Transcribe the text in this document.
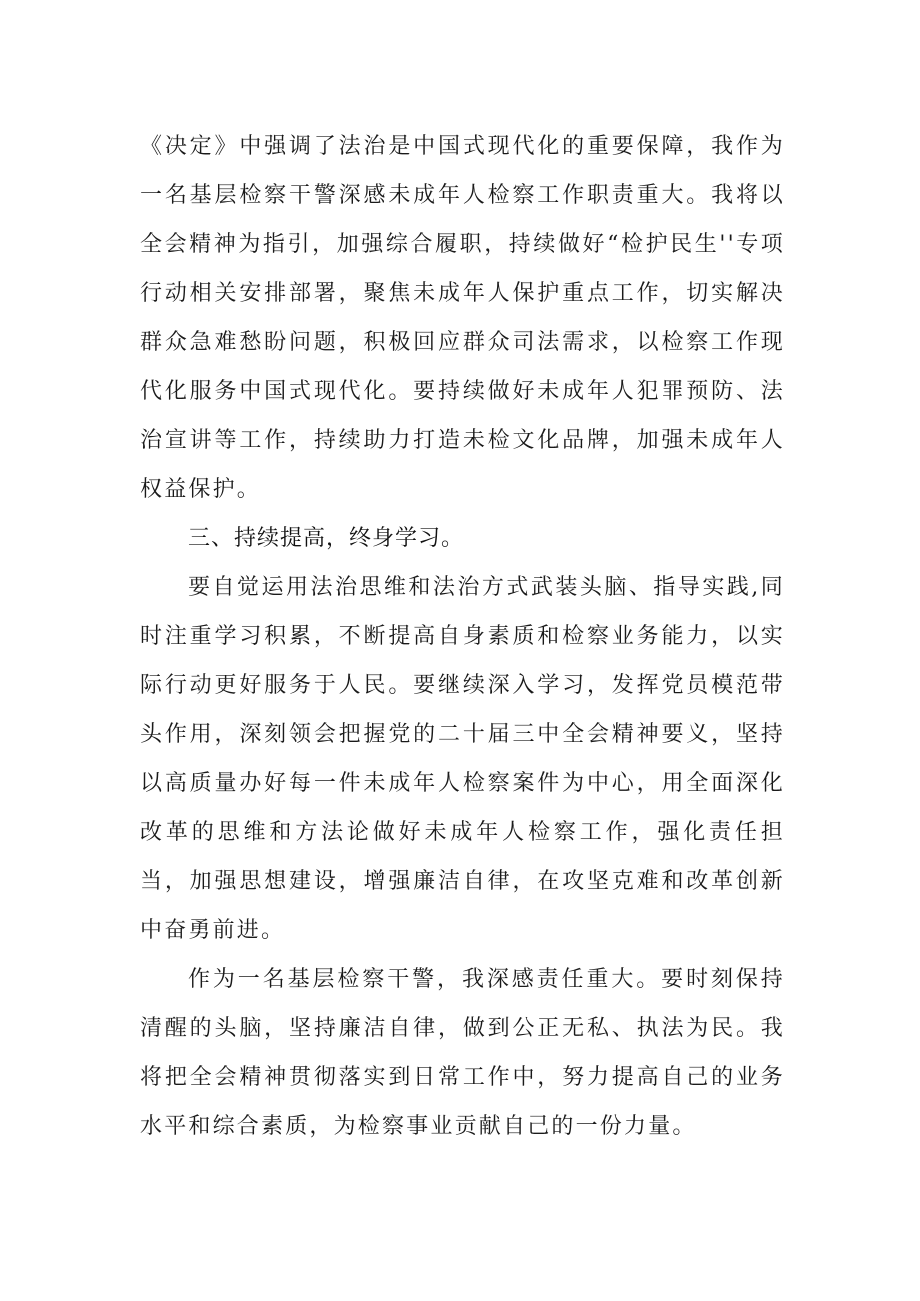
《决定》中强调了法治是中国式现代化的重要保障，我作为一名基层检察干警深感未成年人检察工作职责重大。我将以全会精神为指引，加强综合履职，持续做好“检护民生''专项行动相关安排部署，聚焦未成年人保护重点工作，切实解决群众急难愁盼问题，积极回应群众司法需求，以检察工作现代化服务中国式现代化。要持续做好未成年人犯罪预防、法治宣讲等工作，持续助力打造未检文化品牌，加强未成年人权益保护。

三、持续提高，终身学习。

要自觉运用法治思维和法治方式武装头脑、指导实践,同时注重学习积累，不断提高自身素质和检察业务能力，以实际行动更好服务于人民。要继续深入学习，发挥党员模范带头作用，深刻领会把握党的二十届三中全会精神要义，坚持以高质量办好每一件未成年人检察案件为中心，用全面深化改革的思维和方法论做好未成年人检察工作，强化责任担当，加强思想建设，增强廉洁自律，在攻坚克难和改革创新中奋勇前进。

作为一名基层检察干警，我深感责任重大。要时刻保持清醒的头脑，坚持廉洁自律，做到公正无私、执法为民。我将把全会精神贯彻落实到日常工作中，努力提高自己的业务水平和综合素质，为检察事业贡献自己的一份力量。
